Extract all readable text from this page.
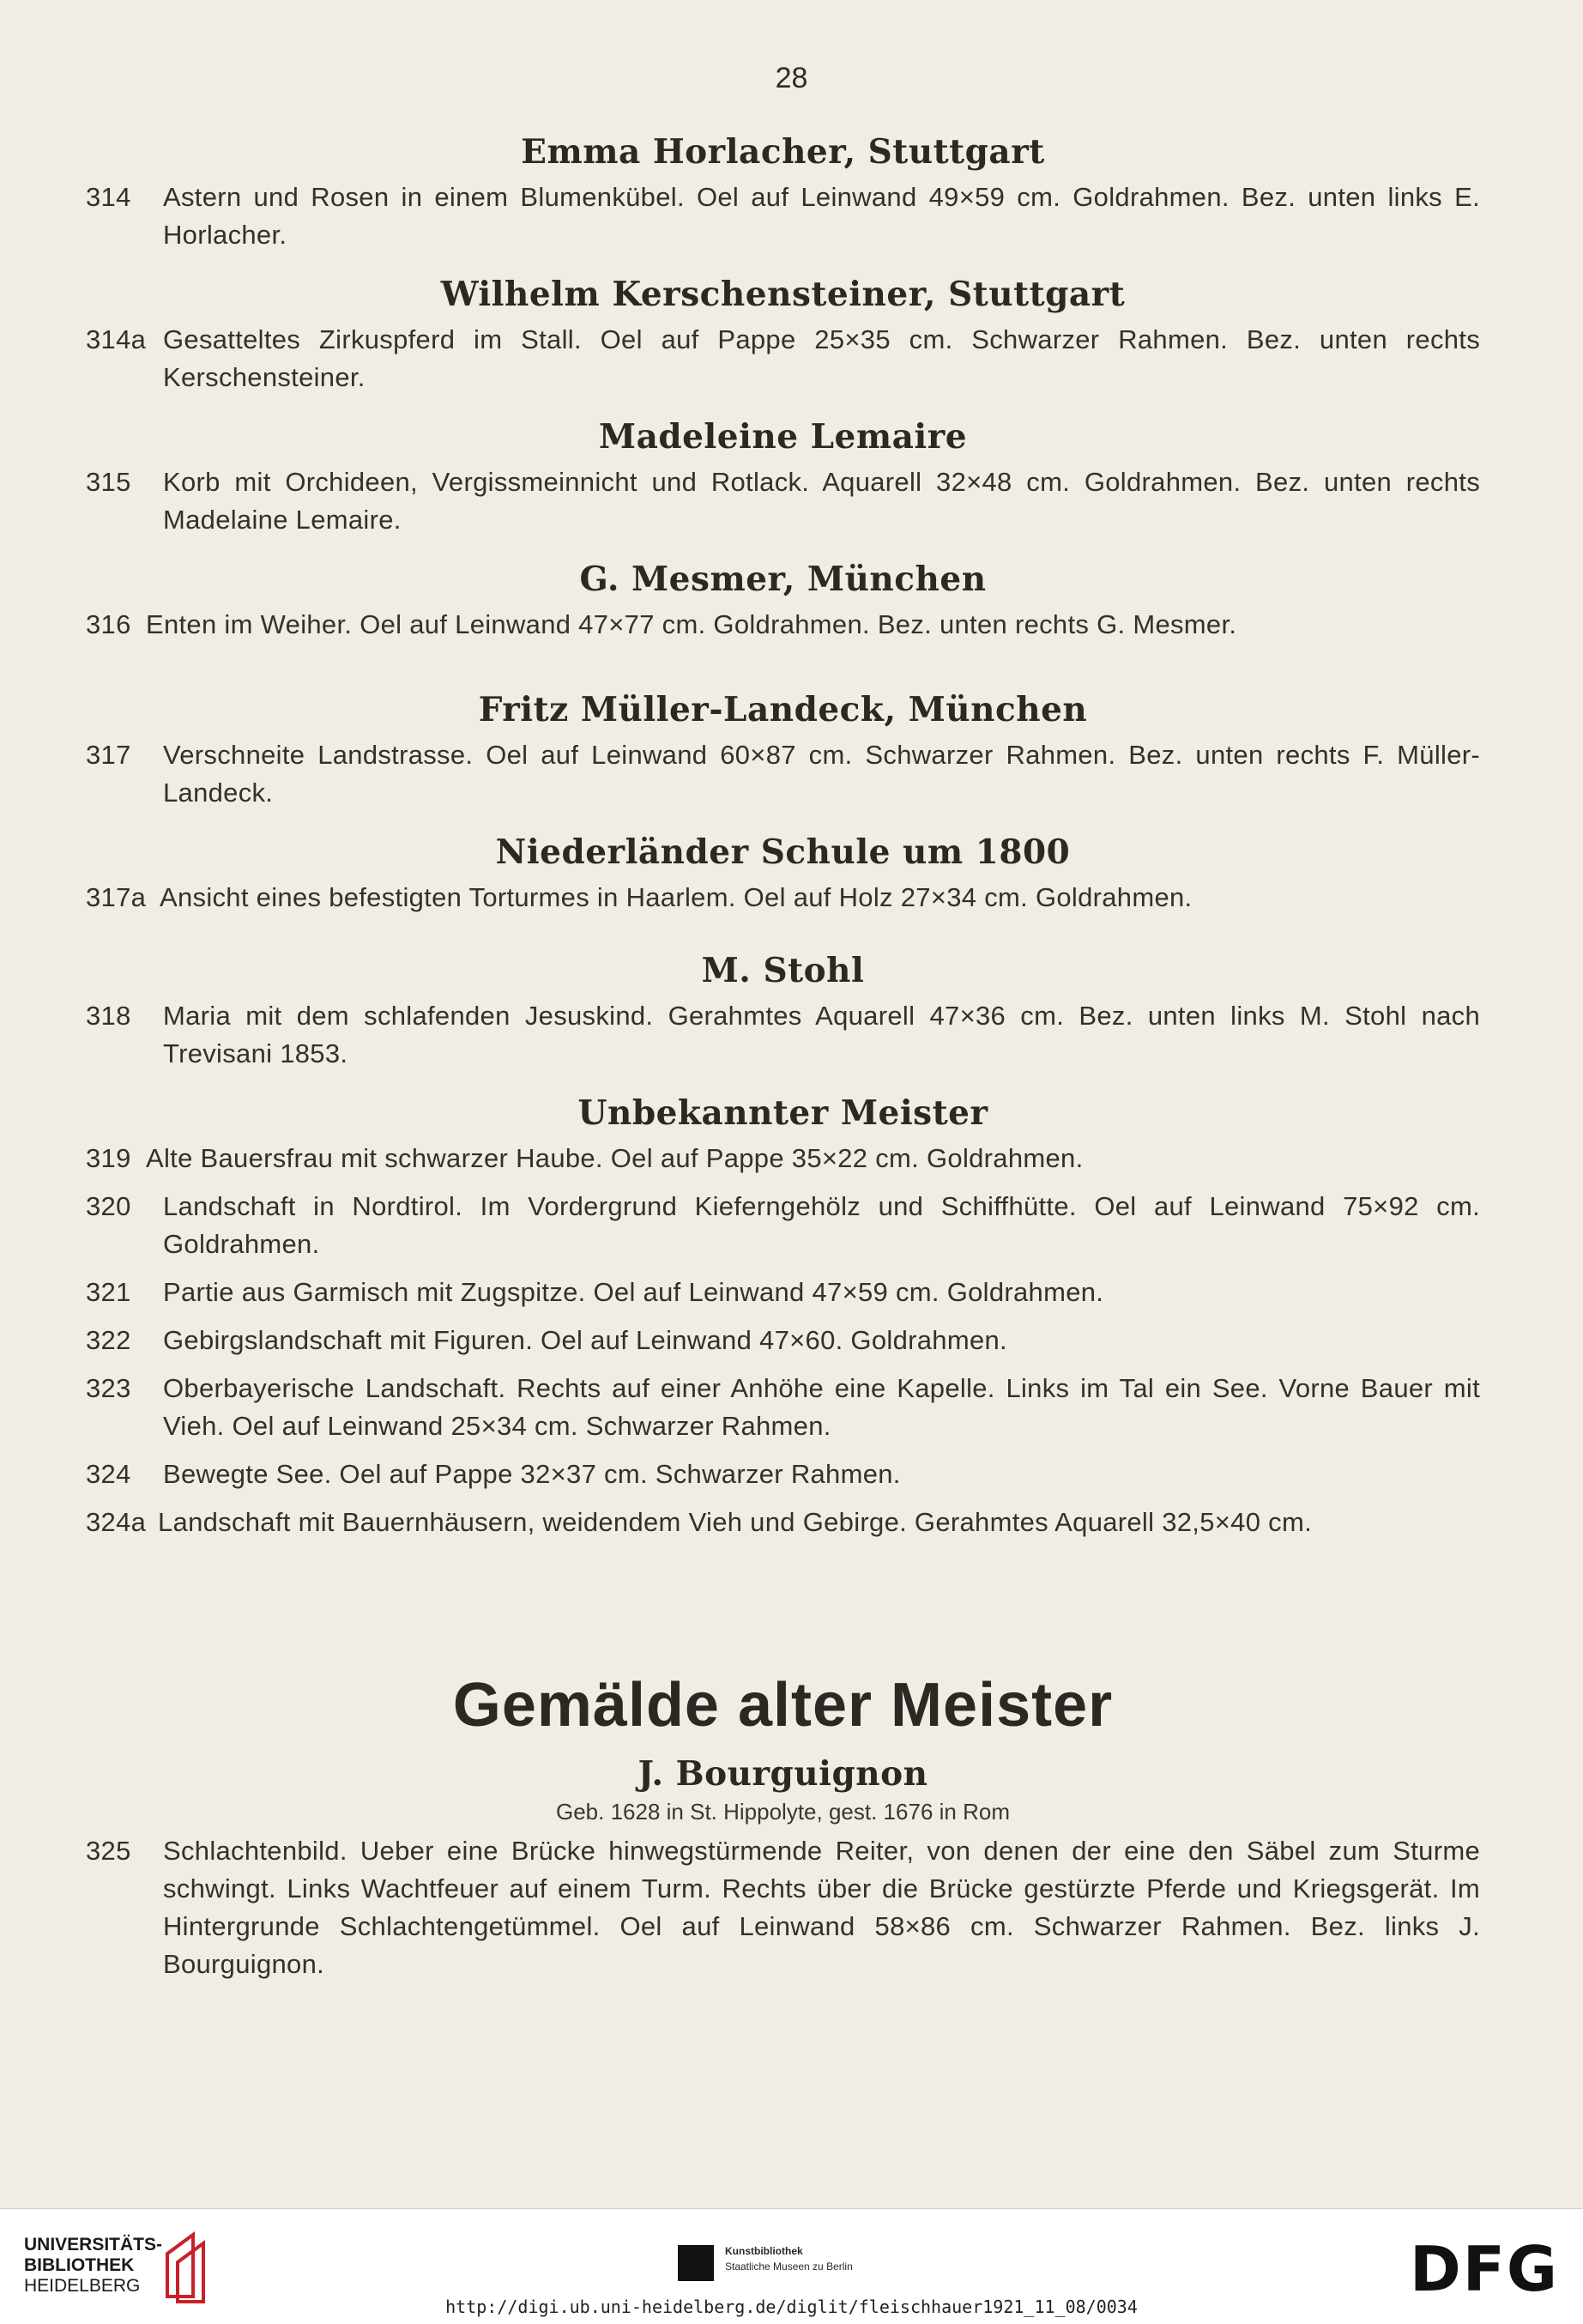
28
Emma Horlacher, Stuttgart
314	Astern und Rosen in einem Blumenkübel. Oel auf Leinwand 49×59 cm. Goldrahmen. Bez. unten links E. Horlacher.
Wilhelm Kerschensteiner, Stuttgart
314a Gesatteltes Zirkuspferd im Stall. Oel auf Pappe 25×35 cm. Schwarzer Rahmen. Bez. unten rechts Kerschensteiner.
Madeleine Lemaire
315	Korb mit Orchideen, Vergissmeinnicht und Rotlack. Aquarell 32×48 cm. Goldrahmen. Bez. unten rechts Madelaine Lemaire.
G. Mesmer, München
316 Enten im Weiher. Oel auf Leinwand 47×77 cm. Goldrahmen. Bez. unten rechts G. Mesmer.
Fritz Müller-Landeck, München
317	Verschneite Landstrasse. Oel auf Leinwand 60×87 cm. Schwarzer Rahmen. Bez. unten rechts F. Müller-Landeck.
Niederländer Schule um 1800
317a Ansicht eines befestigten Torturmes in Haarlem. Oel auf Holz 27×34 cm. Goldrahmen.
M. Stohl
318	Maria mit dem schlafenden Jesuskind. Gerahmtes Aquarell 47×36 cm. Bez. unten links M. Stohl nach Trevisani 1853.
Unbekannter Meister
319 Alte Bauersfrau mit schwarzer Haube. Oel auf Pappe 35×22 cm. Goldrahmen.
320	Landschaft in Nordtirol. Im Vordergrund Kieferngehölz und Schiffhütte. Oel auf Leinwand 75×92 cm. Goldrahmen.
321	Partie aus Garmisch mit Zugspitze. Oel auf Leinwand 47×59 cm. Goldrahmen.
322	Gebirgslandschaft mit Figuren. Oel auf Leinwand 47×60. Goldrahmen.
323	Oberbayerische Landschaft. Rechts auf einer Anhöhe eine Kapelle. Links im Tal ein See. Vorne Bauer mit Vieh. Oel auf Leinwand 25×34 cm. Schwarzer Rahmen.
324	Bewegte See. Oel auf Pappe 32×37 cm. Schwarzer Rahmen.
324a Landschaft mit Bauernhäusern, weidendem Vieh und Gebirge. Gerahmtes Aquarell 32,5×40 cm.
Gemälde alter Meister
J. Bourguignon

Geb. 1628 in St. Hippolyte, gest. 1676 in Rom

325	Schlachtenbild. Ueber eine Brücke hinwegstürmende Reiter, von denen der eine den Säbel zum Sturme schwingt. Links Wachtfeuer auf einem Turm. Rechts über die Brücke gestürzte Pferde und Kriegsgerät. Im Hintergrunde Schlachtengetümmel. Oel auf Leinwand 58×86 cm. Schwarzer Rahmen. Bez. links J. Bourguignon.
UNIVERSITÄTS-
BIBLIOTHEK
HEIDELBERG
Kunstbibliothek
Staatliche Museen zu Berlin	DFG
http://digi.ub.uni-heidelberg.de/diglit/fleischhauer1921_11_08/0034
